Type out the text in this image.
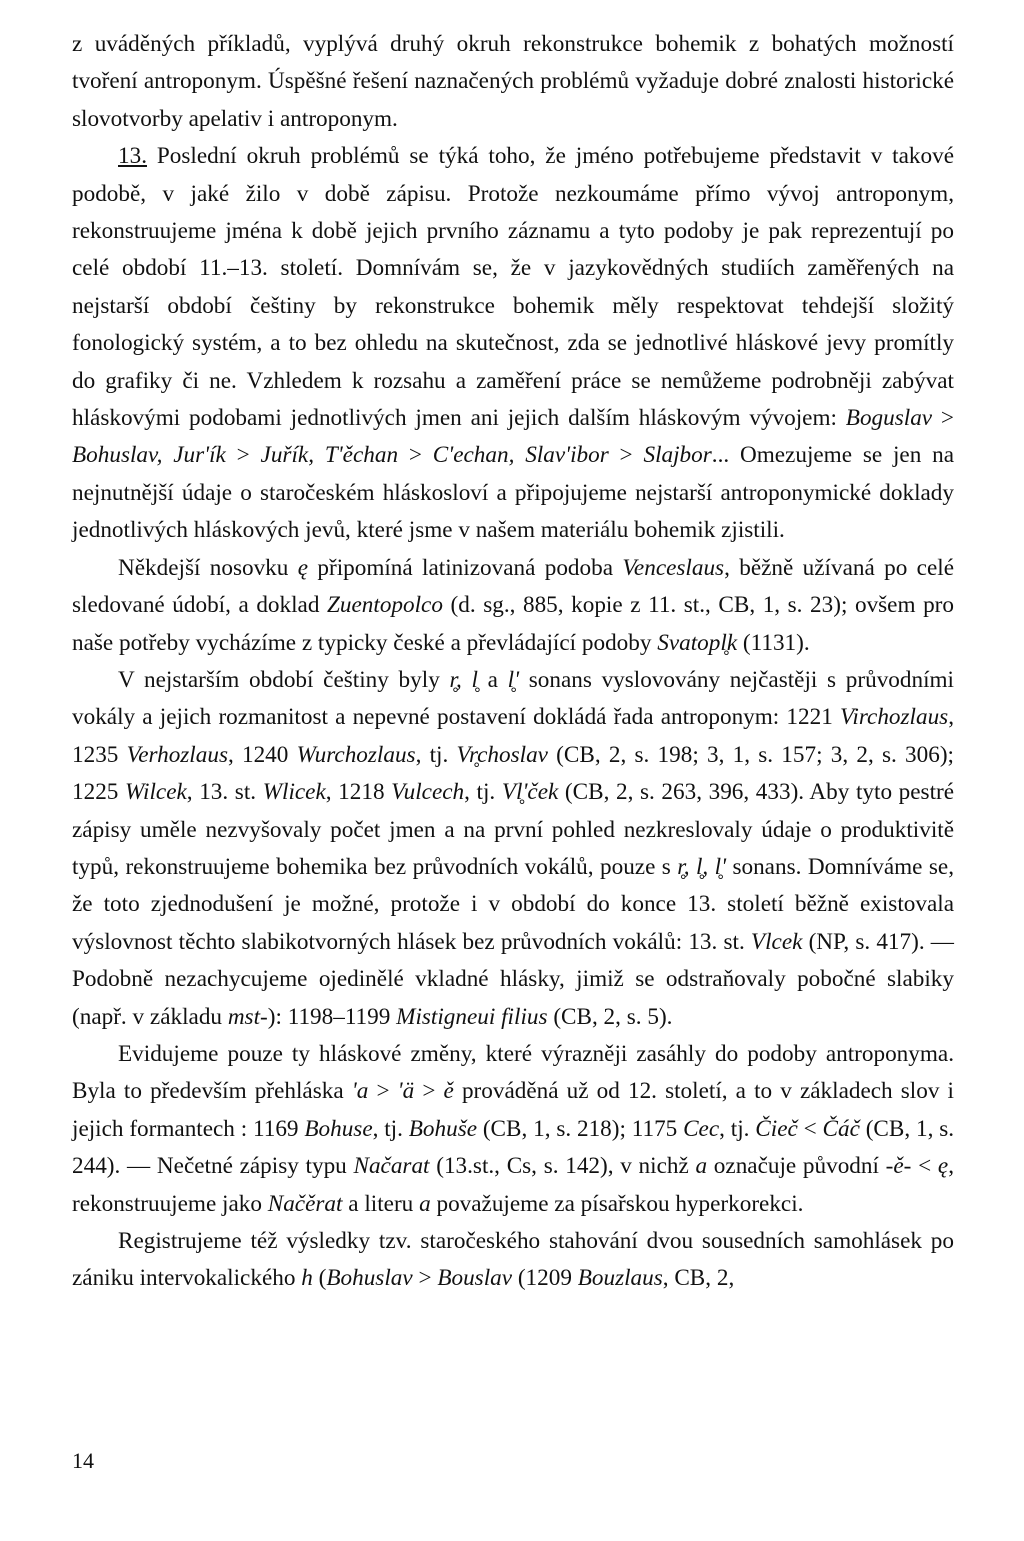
z uváděných příkladů, vyplývá druhý okruh rekonstrukce bohemik z bohatých možností tvoření antroponym. Úspěšné řešení naznačených problémů vyžaduje dobré znalosti historické slovotvorby apelativ i antroponym.

13. Poslední okruh problémů se týká toho, že jméno potřebujeme představit v takové podobě, v jaké žilo v době zápisu. Protože nezkoumáme přímo vývoj antroponym, rekonstruujeme jména k době jejich prvního záznamu a tyto podoby je pak reprezentují po celé období 11.–13. století. Domnívám se, že v jazykovědných studiích zaměřených na nejstarší období češtiny by rekonstrukce bohemik měly respektovat tehdejší složitý fonologický systém, a to bez ohledu na skutečnost, zda se jednotlivé hláskové jevy promítly do grafiky či ne. Vzhledem k rozsahu a zaměření práce se nemůžeme podrobněji zabývat hláskovými podobami jednotlivých jmen ani jejich dalším hláskovým vývojem: Boguslav > Bohuslav, Jur'ík > Juřík, T'ěchan > C'echan, Slav'ibor > Slajbor... Omezujeme se jen na nejnutnější údaje o staročeském hláskosloví a připojujeme nejstarší antroponymické doklady jednotlivých hláskových jevů, které jsme v našem materiálu bohemik zjistili.

Někdejší nosovku ę připomíná latinizovaná podoba Venceslaus, běžně užívaná po celé sledované údobí, a doklad Zuentopolco (d. sg., 885, kopie z 11. st., CB, 1, s. 23); ovšem pro naše potřeby vycházíme z typicky české a převládající podoby Svatopl̥k (1131).

V nejstarším období češtiny byly r̥, l̥ a l̥' sonans vyslovovány nejčastěji s průvodními vokály a jejich rozmanitost a nepevné postavení dokládá řada antroponym: 1221 Virchozlaus, 1235 Verhozlaus, 1240 Wurchozlaus, tj. Vr̥choslav (CB, 2, s. 198; 3, 1, s. 157; 3, 2, s. 306); 1225 Wilcek, 13. st. Wlicek, 1218 Vulcech, tj. Vl̥'ček (CB, 2, s. 263, 396, 433). Aby tyto pestré zápisy uměle nezvyšovaly počet jmen a na první pohled nezkreslovaly údaje o produktivitě typů, rekonstruujeme bohemika bez průvodních vokálů, pouze s r̥, l̥, l̥' sonans. Domníváme se, že toto zjednodušení je možné, protože i v období do konce 13. století běžně existovala výslovnost těchto slabikotvorných hlásek bez průvodních vokálů: 13. st. Vlcek (NP, s. 417). — Podobně nezachycujeme ojedinělé vkladné hlásky, jimiž se odstraňovaly pobočné slabiky (např. v základu mst-): 1198–1199 Mistigneui filius (CB, 2, s. 5).

Evidujeme pouze ty hláskové změny, které výrazněji zasáhly do podoby antroponyma. Byla to především přehláska 'a > 'ä > ě prováděná už od 12. století, a to v základech slov i jejich formantech : 1169 Bohuse, tj. Bohuše (CB, 1, s. 218); 1175 Cec, tj. Čieč < Čáč (CB, 1, s. 244). — Nečetné zápisy typu Načarat (13.st., Cs, s. 142), v nichž a označuje původní -ě- < ę, rekonstruujeme jako Načěrat a literu a považujeme za písařskou hyperkorekci.

Registrujeme též výsledky tzv. staročeského stahování dvou sousedních samohlásek po zániku intervokalického h (Bohuslav > Bouslav (1209 Bouzlaus, CB, 2,

14
